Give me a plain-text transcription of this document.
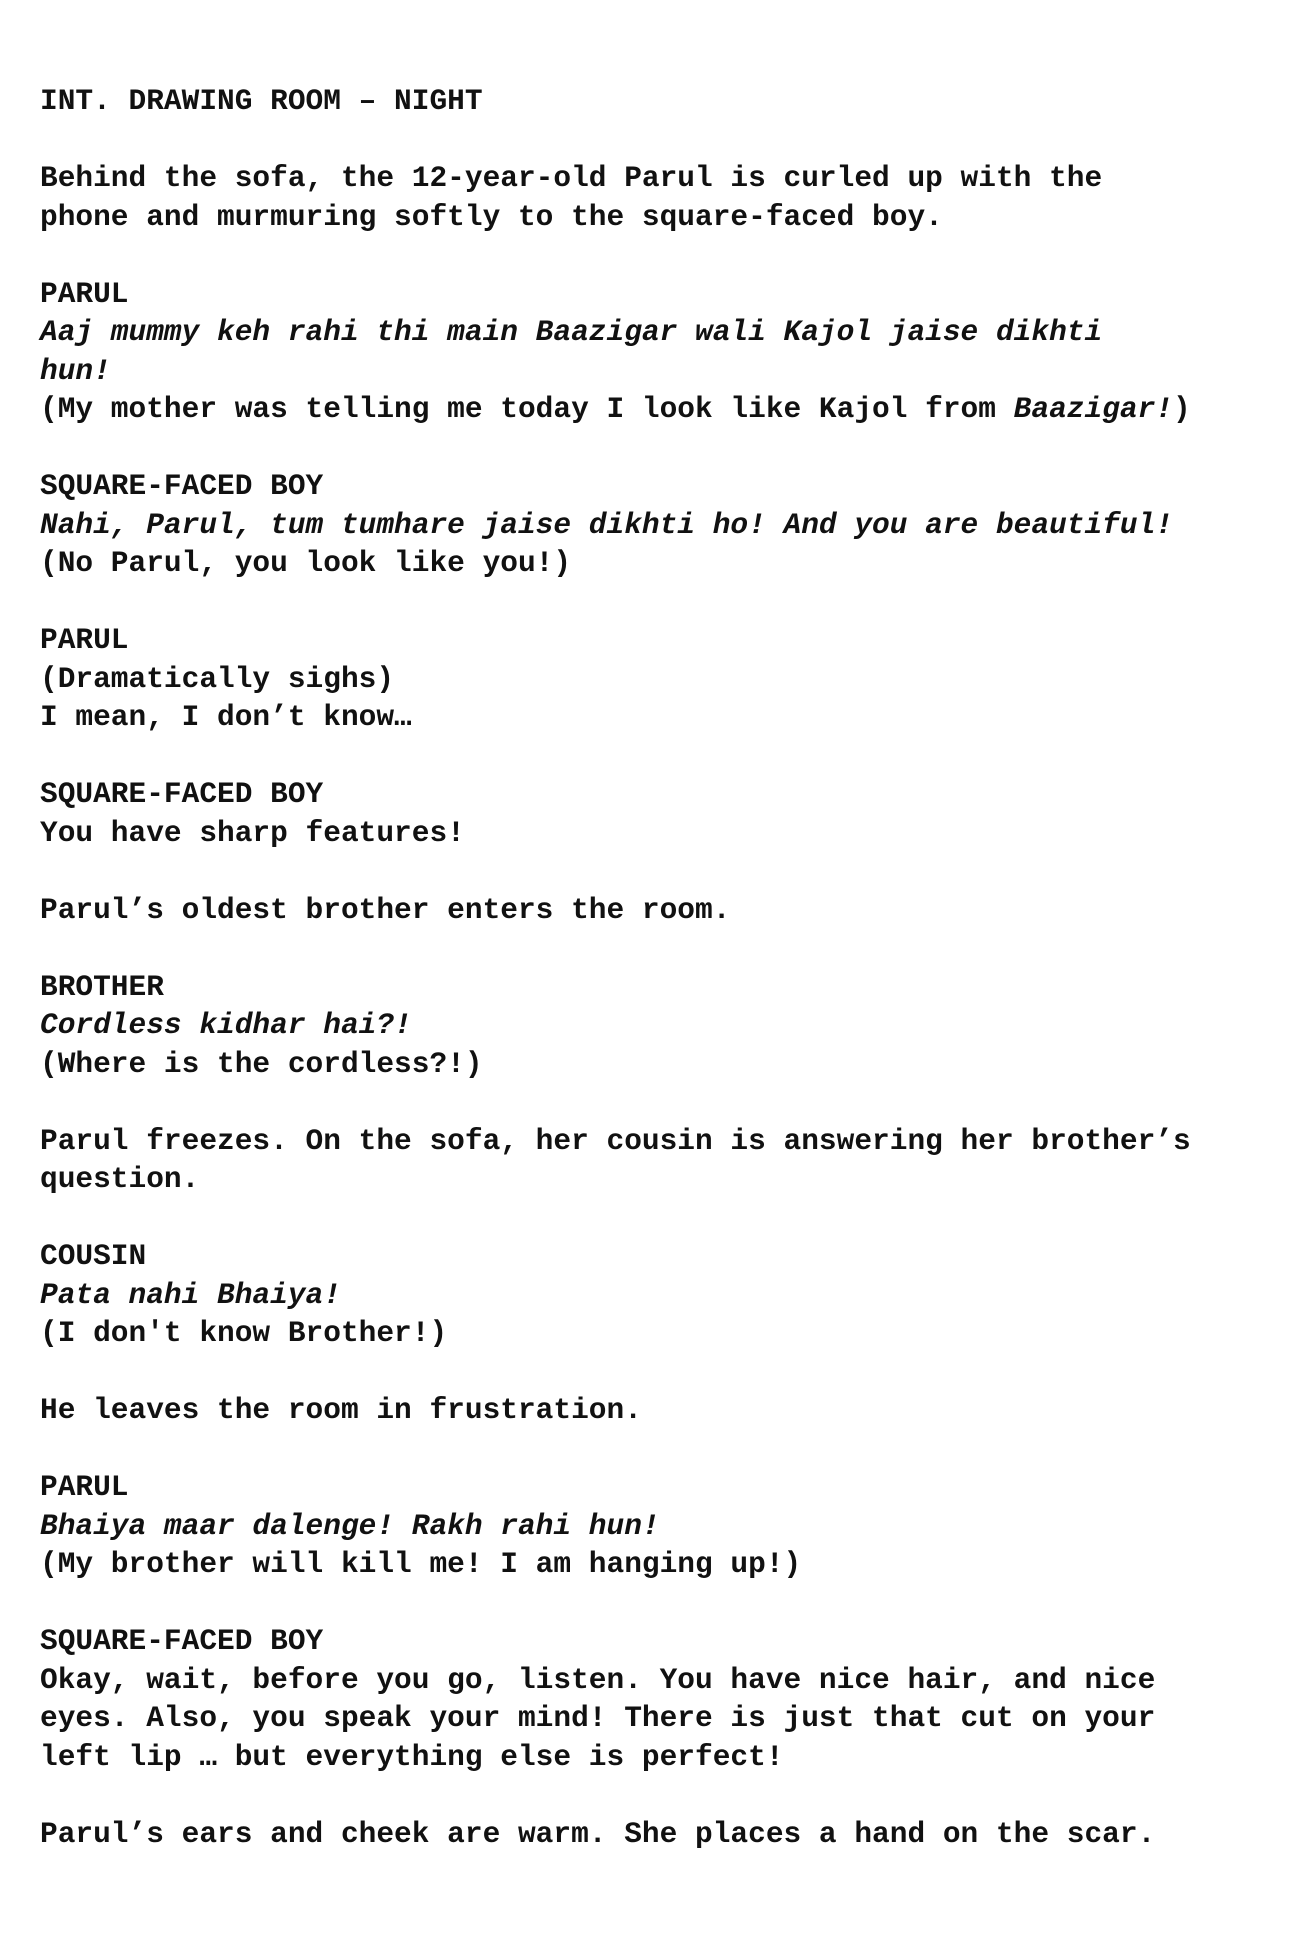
INT. DRAWING ROOM – NIGHT
Behind the sofa, the 12-year-old Parul is curled up with the
phone and murmuring softly to the square-faced boy.
PARUL
Aaj mummy keh rahi thi main Baazigar wali Kajol jaise dikhti
hun!
(My mother was telling me today I look like Kajol from Baazigar!)
SQUARE-FACED BOY
Nahi, Parul, tum tumhare jaise dikhti ho! And you are beautiful!
(No Parul, you look like you!)
PARUL
(Dramatically sighs)
I mean, I don’t know…
SQUARE-FACED BOY
You have sharp features!
Parul’s oldest brother enters the room.
BROTHER
Cordless kidhar hai?!
(Where is the cordless?!)
Parul freezes. On the sofa, her cousin is answering her brother’s
question.
COUSIN
Pata nahi Bhaiya!
(I don't know Brother!)
He leaves the room in frustration.
PARUL
Bhaiya maar dalenge! Rakh rahi hun!
(My brother will kill me! I am hanging up!)
SQUARE-FACED BOY
Okay, wait, before you go, listen. You have nice hair, and nice
eyes. Also, you speak your mind! There is just that cut on your
left lip … but everything else is perfect!
Parul’s ears and cheek are warm. She places a hand on the scar.
